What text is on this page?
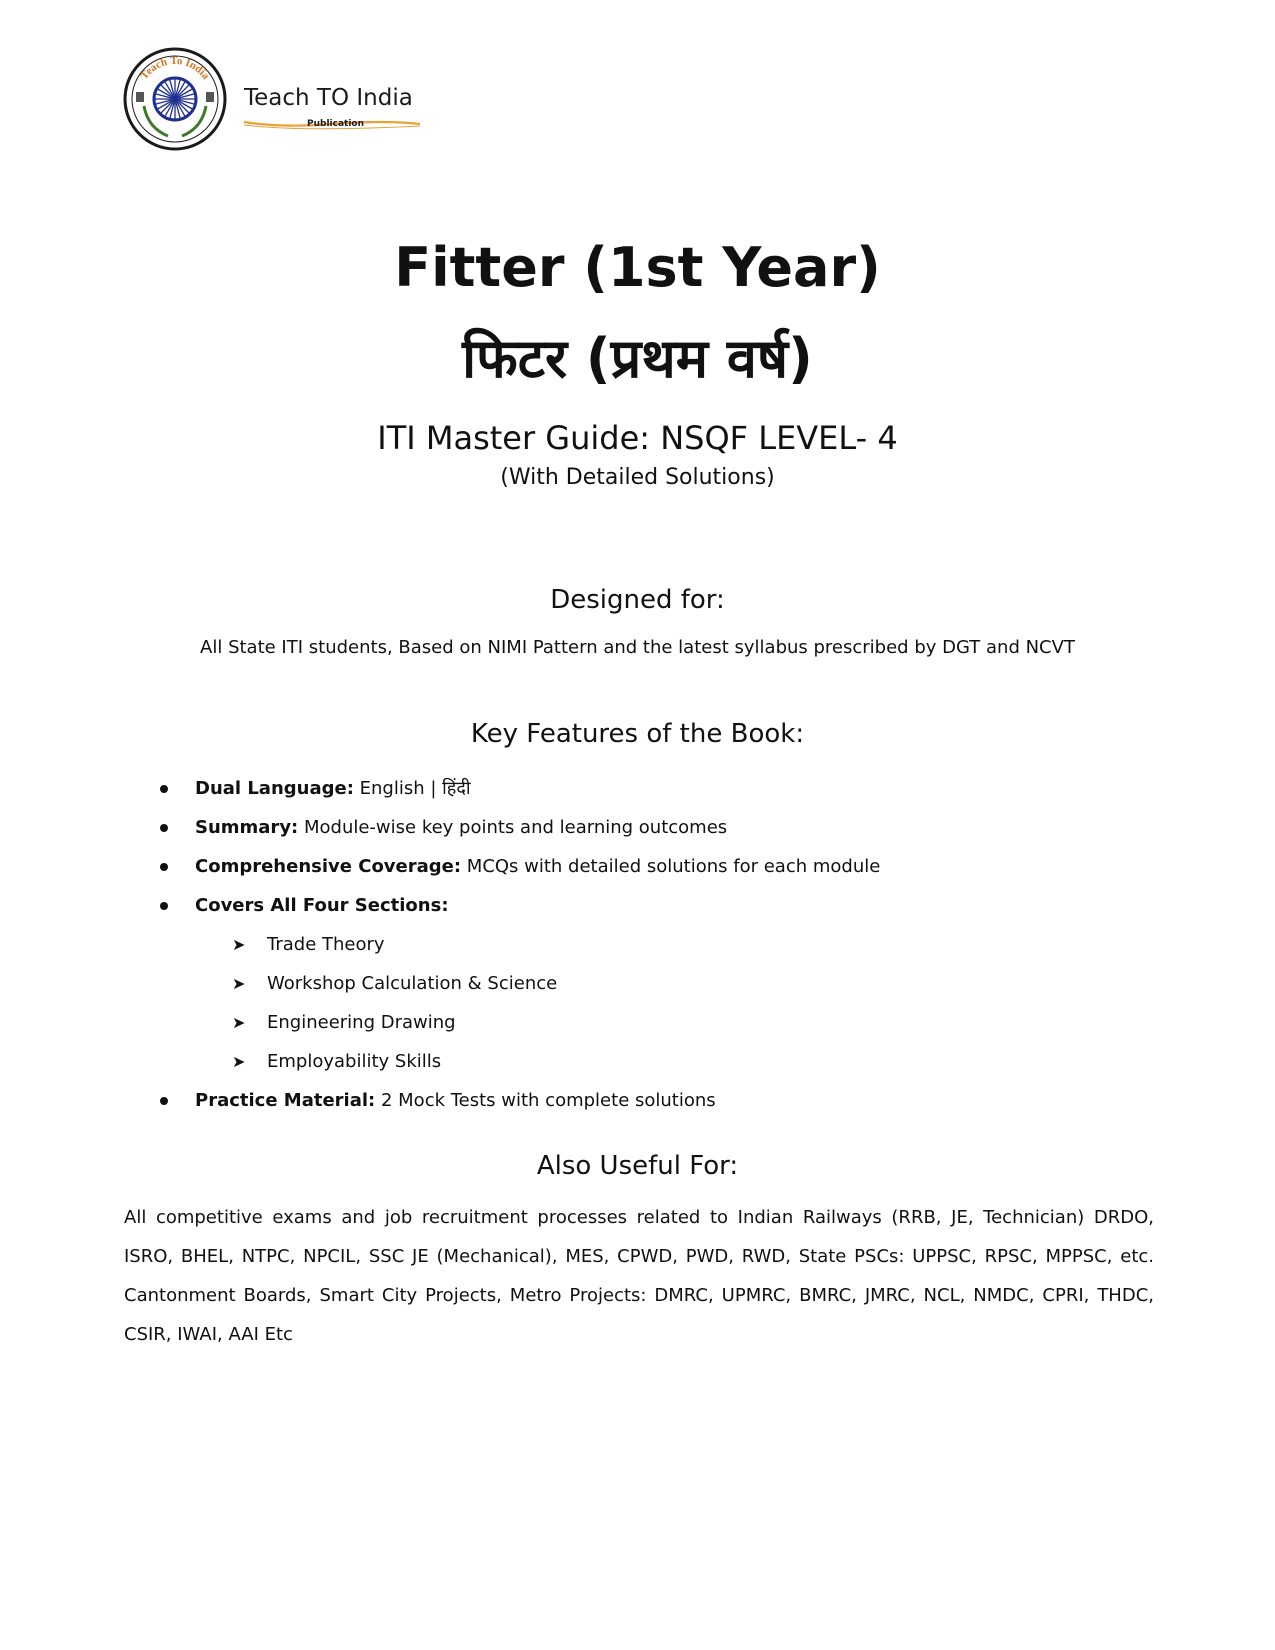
Teach To India
Teach TO India
Publication
Fitter (1st Year)
फिटर (प्रथम वर्ष)
ITI Master Guide: NSQF LEVEL- 4
(With Detailed Solutions)
Designed for:
All State ITI students, Based on NIMI Pattern and the latest syllabus prescribed by DGT and NCVT
Key Features of the Book:
Dual Language: English | हिंदी
Summary: Module-wise key points and learning outcomes
Comprehensive Coverage: MCQs with detailed solutions for each module
Covers All Four Sections:
➤ Trade Theory
➤ Workshop Calculation & Science
➤ Engineering Drawing
➤ Employability Skills
Practice Material: 2 Mock Tests with complete solutions
Also Useful For:
All competitive exams and job recruitment processes related to Indian Railways (RRB, JE, Technician) DRDO, ISRO, BHEL, NTPC, NPCIL, SSC JE (Mechanical), MES, CPWD, PWD, RWD, State PSCs: UPPSC, RPSC, MPPSC, etc. Cantonment Boards, Smart City Projects, Metro Projects: DMRC, UPMRC, BMRC, JMRC, NCL, NMDC, CPRI, THDC, CSIR, IWAI, AAI Etc
